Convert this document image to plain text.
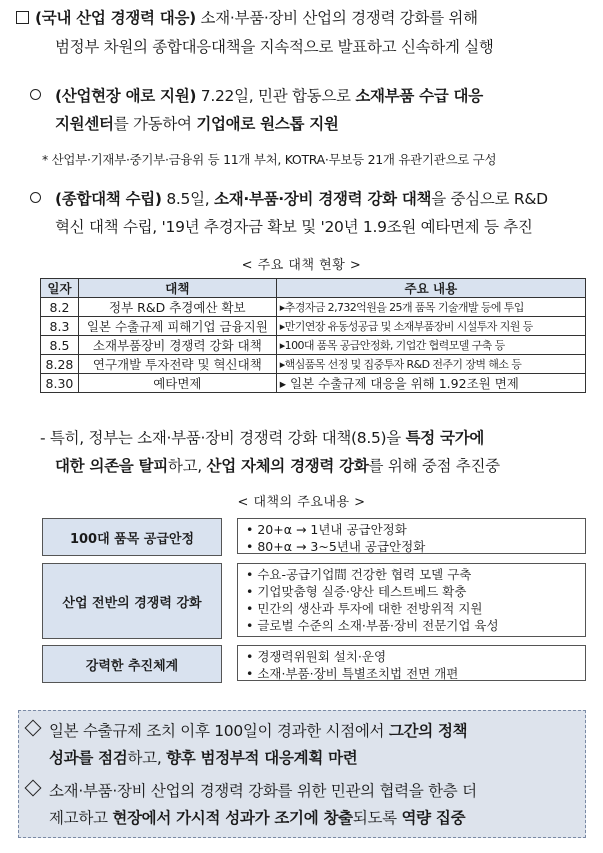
(국내 산업 경쟁력 대응) 소재·부품·장비 산업의 경쟁력 강화를 위해
범정부 차원의 종합대응대책을 지속적으로 발표하고 신속하게 실행
(산업현장 애로 지원) 7.22일, 민관 합동으로 소재부품 수급 대응
지원센터를 가동하여 기업애로 원스톱 지원
* 산업부·기재부·중기부·금융위 등 11개 부처, KOTRA·무보등 21개 유관기관으로 구성
(종합대책 수립) 8.5일, 소재·부품·장비 경쟁력 강화 대책을 중심으로 R&D
혁신 대책 수립, '19년 추경자금 확보 및 '20년 1.9조원 예타면제 등 추진
< 주요 대책 현황 >
일자	대책	주요 내용
8.2	정부 R&D 추경예산 확보	▸추경자금 2,732억원을 25개 품목 기술개발 등에 투입
8.3	일본 수출규제 피해기업 금융지원	▸만기연장 유동성공급 및 소재부품장비 시설투자 지원 등
8.5	소재부품장비 경쟁력 강화 대책	▸100대 품목 공급안정화, 기업간 협력모델 구축 등
8.28	연구개발 투자전략 및 혁신대책	▸핵심품목 선정 및 집중투자 R&D 전주기 장벽 해소 등
8.30	예타면제	▸ 일본 수출규제 대응을 위해 1.92조원 면제
- 특히, 정부는 소재·부품·장비 경쟁력 강화 대책(8.5)을 특정 국가에
대한 의존을 탈피하고, 산업 자체의 경쟁력 강화를 위해 중점 추진중
< 대책의 주요내용 >
100대 품목 공급안정
• 20+α → 1년내 공급안정화
• 80+α → 3~5년내 공급안정화
산업 전반의 경쟁력 강화
• 수요-공급기업間 건강한 협력 모델 구축
• 기업맞춤형 실증·양산 테스트베드 확충
• 민간의 생산과 투자에 대한 전방위적 지원
• 글로벌 수준의 소재·부품·장비 전문기업 육성
강력한 추진체계
• 경쟁력위원회 설치·운영
• 소재·부품·장비 특별조치법 전면 개편
일본 수출규제 조치 이후 100일이 경과한 시점에서 그간의 정책
성과를 점검하고, 향후 범정부적 대응계획 마련
소재·부품·장비 산업의 경쟁력 강화를 위한 민관의 협력을 한층 더
제고하고 현장에서 가시적 성과가 조기에 창출되도록 역량 집중
